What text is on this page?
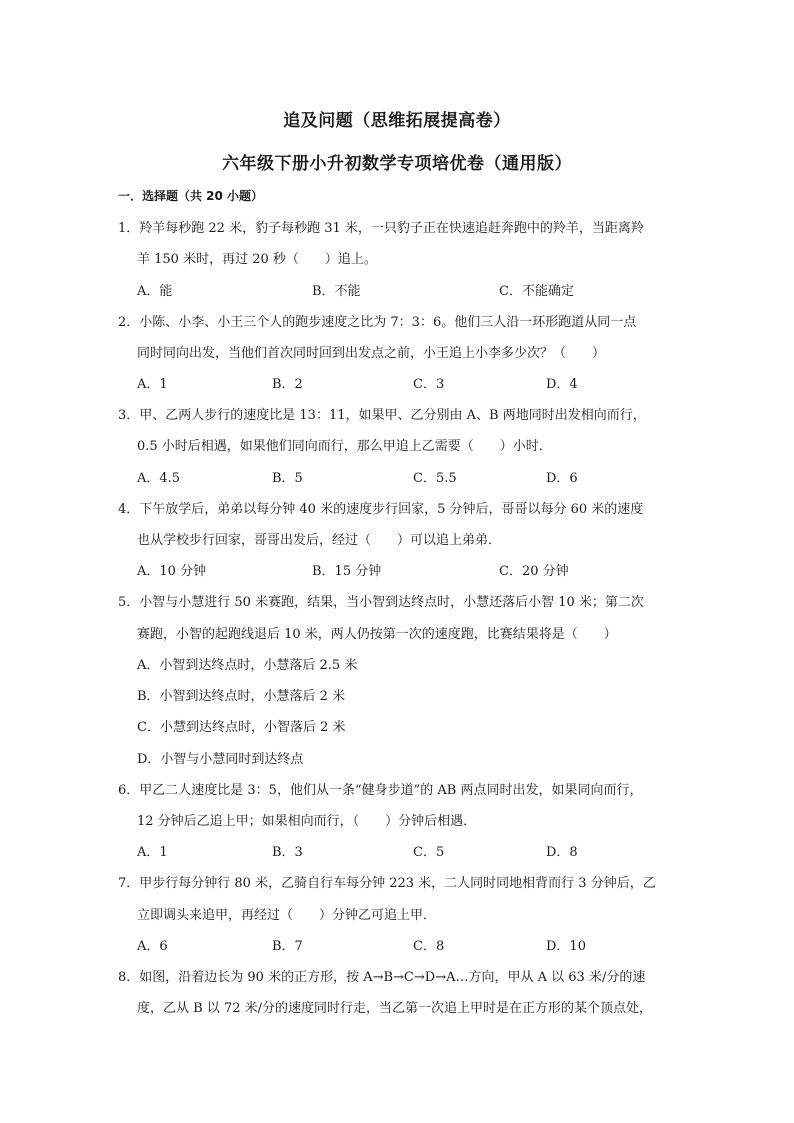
追及问题（思维拓展提高卷）
六年级下册小升初数学专项培优卷（通用版）
一．选择题（共 20 小题）
1．羚羊每秒跑 22 米，豹子每秒跑 31 米，一只豹子正在快速追赶奔跑中的羚羊，当距离羚
羊 150 米时，再过 20 秒（　　）追上。
A．能	B．不能	C．不能确定
2．小陈、小李、小王三个人的跑步速度之比为 7：3：6。他们三人沿一环形跑道从同一点
同时同向出发，当他们首次同时回到出发点之前，小王追上小李多少次？（　　）
A．1	B．2	C．3	D．4
3．甲、乙两人步行的速度比是 13：11，如果甲、乙分别由 A、B 两地同时出发相向而行，
0.5 小时后相遇，如果他们同向而行，那么甲追上乙需要（　　）小时．
A．4.5	B．5	C．5.5	D．6
4．下午放学后，弟弟以每分钟 40 米的速度步行回家，5 分钟后，哥哥以每分 60 米的速度
也从学校步行回家，哥哥出发后，经过（　　）可以追上弟弟．
A．10 分钟	B．15 分钟	C．20 分钟
5．小智与小慧进行 50 米赛跑，结果，当小智到达终点时，小慧还落后小智 10 米；第二次
赛跑，小智的起跑线退后 10 米，两人仍按第一次的速度跑，比赛结果将是（　　）
A．小智到达终点时，小慧落后 2.5 米
B．小智到达终点时，小慧落后 2 米
C．小慧到达终点时，小智落后 2 米
D．小智与小慧同时到达终点
6．甲乙二人速度比是 3：5，他们从一条“健身步道”的 AB 两点同时出发，如果同向而行，
12 分钟后乙追上甲；如果相向而行，（　　）分钟后相遇．
A．1	B．3	C．5	D．8
7．甲步行每分钟行 80 米，乙骑自行车每分钟 223 米，二人同时同地相背而行 3 分钟后，乙
立即调头来追甲，再经过（　　）分钟乙可追上甲．
A．6	B．7	C．8	D．10
8．如图，沿着边长为 90 米的正方形，按 A→B→C→D→A…方向，甲从 A 以 63 米/分的速
度，乙从 B 以 72 米/分的速度同时行走，当乙第一次追上甲时是在正方形的某个顶点处，
